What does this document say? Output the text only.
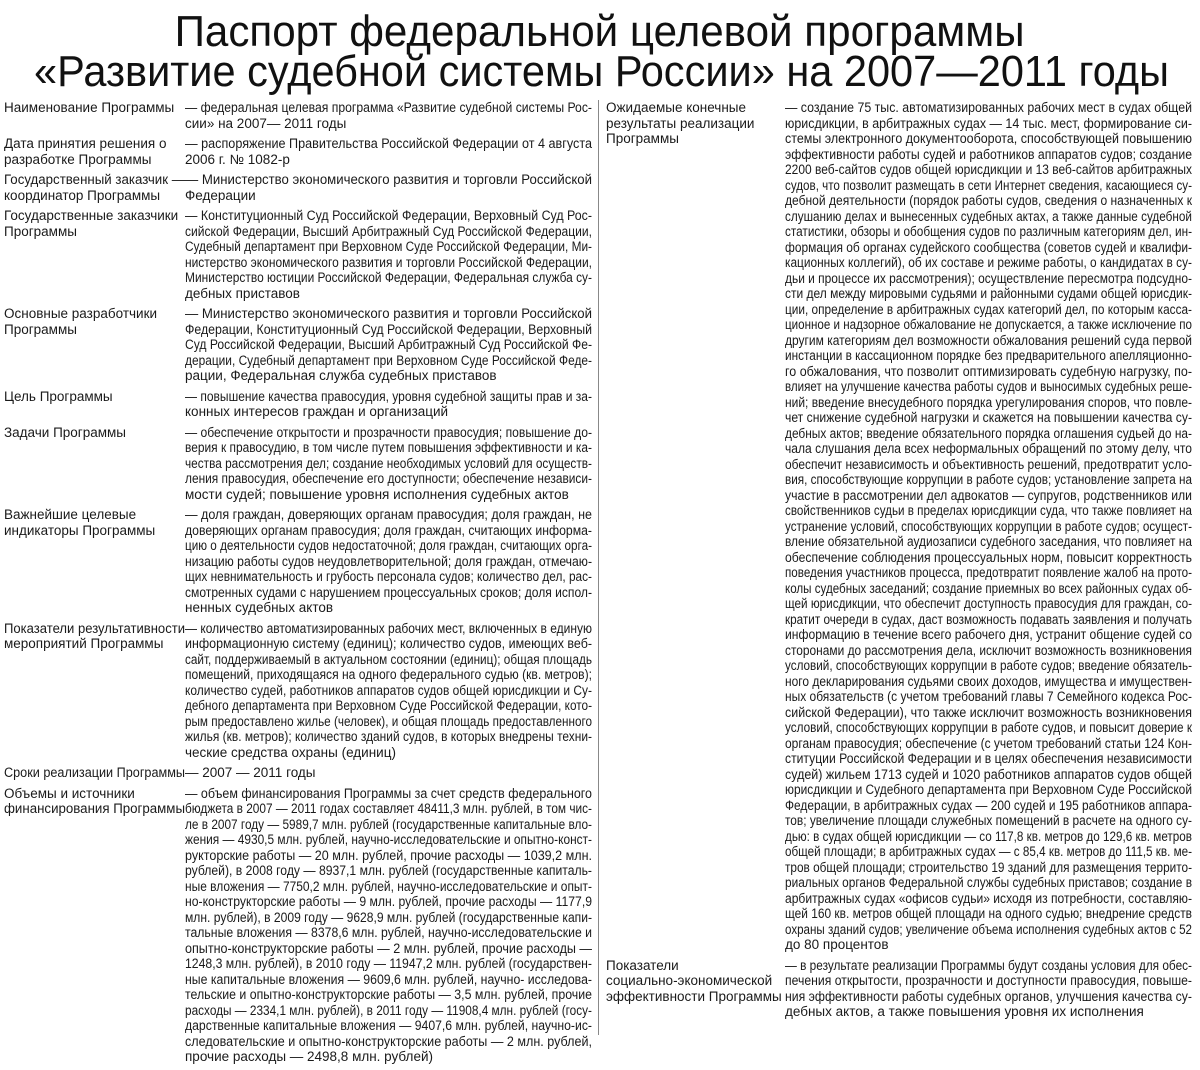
Паспорт федеральной целевой программы
«Развитие судебной системы России» на 2007—2011 годы
Наименование Программы — федеральная целевая программа «Развитие судебной системы Рос-
сии» на 2007— 2011 годы
Дата принятия решения о
разработке Программы
— распоряжение Правительства Российской Федерации от 4 августа
2006 г. № 1082-р
Государственный заказчик —
координатор Программы
— Министерство экономического развития и торговли Российской
Федерации
Государственные заказчики
Программы
— Конституционный Суд Российской Федерации, Верховный Суд Рос-
сийской Федерации, Высший Арбитражный Суд Российской Федерации,
Судебный департамент при Верховном Суде Российской Федерации, Ми-
нистерство экономического развития и торговли Российской Федерации,
Министерство юстиции Российской Федерации, Федеральная служба су-
дебных приставов
Основные разработчики
Программы
— Министерство экономического развития и торговли Российской
Федерации, Конституционный Суд Российской Федерации, Верховный
Суд Российской Федерации, Высший Арбитражный Суд Российской Фе-
дерации, Судебный департамент при Верховном Суде Российской Феде-
рации, Федеральная служба судебных приставов
Цель Программы	— повышение качества правосудия, уровня судебной защиты прав и за-
конных интересов граждан и организаций
Задачи Программы	— обеспечение открытости и прозрачности правосудия; повышение до-
верия к правосудию, в том числе путем повышения эффективности и ка-
чества рассмотрения дел; создание необходимых условий для осуществ-
ления правосудия, обеспечение его доступности; обеспечение независи-
мости судей; повышение уровня исполнения судебных актов
Важнейшие целевые
индикаторы Программы
— доля граждан, доверяющих органам правосудия; доля граждан, не
доверяющих органам правосудия; доля граждан, считающих информа-
цию о деятельности судов недостаточной; доля граждан, считающих орга-
низацию работы судов неудовлетворительной; доля граждан, отмечаю-
щих невнимательность и грубость персонала судов; количество дел, рас-
смотренных судами с нарушением процессуальных сроков; доля испол-
ненных судебных актов
Показатели результативности
мероприятий Программы
— количество автоматизированных рабочих мест, включенных в единую
информационную систему (единиц); количество судов, имеющих веб-
сайт, поддерживаемый в актуальном состоянии (единиц); общая площадь
помещений, приходящаяся на одного федерального судью (кв. метров);
количество судей, работников аппаратов судов общей юрисдикции и Су-
дебного департамента при Верховном Суде Российской Федерации, кото-
рым предоставлено жилье (человек), и общая площадь предоставленного
жилья (кв. метров); количество зданий судов, в которых внедрены техни-
ческие средства охраны (единиц)
Сроки реализации Программы — 2007 — 2011 годы
Объемы и источники
финансирования Программы
— объем финансирования Программы за счет средств федерального
бюджета в 2007 — 2011 годах составляет 48411,3 млн. рублей, в том чис-
ле в 2007 году — 5989,7 млн. рублей (государственные капитальные вло-
жения — 4930,5 млн. рублей, научно-исследовательские и опытно-конст-
рукторские работы — 20 млн. рублей, прочие расходы — 1039,2 млн.
рублей), в 2008 году — 8937,1 млн. рублей (государственные капиталь-
ные вложения — 7750,2 млн. рублей, научно-исследовательские и опыт-
но-конструкторские работы — 9 млн. рублей, прочие расходы — 1177,9
млн. рублей), в 2009 году — 9628,9 млн. рублей (государственные капи-
тальные вложения — 8378,6 млн. рублей, научно-исследовательские и
опытно-конструкторские работы — 2 млн. рублей, прочие расходы —
1248,3 млн. рублей), в 2010 году — 11947,2 млн. рублей (государствен-
ные капитальные вложения — 9609,6 млн. рублей, научно- исследова-
тельские и опытно-конструкторские работы — 3,5 млн. рублей, прочие
расходы — 2334,1 млн. рублей), в 2011 году — 11908,4 млн. рублей (госу-
дарственные капитальные вложения — 9407,6 млн. рублей, научно-ис-
следовательские и опытно-конструкторские работы — 2 млн. рублей,
прочие расходы — 2498,8 млн. рублей)
Ожидаемые конечные
результаты реализации
Программы
— создание 75 тыс. автоматизированных рабочих мест в судах общей
юрисдикции, в арбитражных судах — 14 тыс. мест, формирование си-
стемы электронного документооборота, способствующей повышению
эффективности работы судей и работников аппаратов судов; создание
2200 веб-сайтов судов общей юрисдикции и 13 веб-сайтов арбитражных
судов, что позволит размещать в сети Интернет сведения, касающиеся су-
дебной деятельности (порядок работы судов, сведения о назначенных к
слушанию делах и вынесенных судебных актах, а также данные судебной
статистики, обзоры и обобщения судов по различным категориям дел, ин-
формация об органах судейского сообщества (советов судей и квалифи-
кационных коллегий), об их составе и режиме работы, о кандидатах в су-
дьи и процессе их рассмотрения); осуществление пересмотра подсудно-
сти дел между мировыми судьями и районными судами общей юрисдик-
ции, определение в арбитражных судах категорий дел, по которым касса-
ционное и надзорное обжалование не допускается, а также исключение по
другим категориям дел возможности обжалования решений суда первой
инстанции в кассационном порядке без предварительного апелляционно-
го обжалования, что позволит оптимизировать судебную нагрузку, по-
влияет на улучшение качества работы судов и выносимых судебных реше-
ний; введение внесудебного порядка урегулирования споров, что повле-
чет снижение судебной нагрузки и скажется на повышении качества су-
дебных актов; введение обязательного порядка оглашения судьей до на-
чала слушания дела всех неформальных обращений по этому делу, что
обеспечит независимость и объективность решений, предотвратит усло-
вия, способствующие коррупции в работе судов; установление запрета на
участие в рассмотрении дел адвокатов — супругов, родственников или
свойственников судьи в пределах юрисдикции суда, что также повлияет на
устранение условий, способствующих коррупции в работе судов; осущест-
вление обязательной аудиозаписи судебного заседания, что повлияет на
обеспечение соблюдения процессуальных норм, повысит корректность
поведения участников процесса, предотвратит появление жалоб на прото-
колы судебных заседаний; создание приемных во всех районных судах об-
щей юрисдикции, что обеспечит доступность правосудия для граждан, со-
кратит очереди в судах, даст возможность подавать заявления и получать
информацию в течение всего рабочего дня, устранит общение судей со
сторонами до рассмотрения дела, исключит возможность возникновения
условий, способствующих коррупции в работе судов; введение обязатель-
ного декларирования судьями своих доходов, имущества и имуществен-
ных обязательств (с учетом требований главы 7 Семейного кодекса Рос-
сийской Федерации), что также исключит возможность возникновения
условий, способствующих коррупции в работе судов, и повысит доверие к
органам правосудия; обеспечение (с учетом требований статьи 124 Кон-
ституции Российской Федерации и в целях обеспечения независимости
судей) жильем 1713 судей и 1020 работников аппаратов судов общей
юрисдикции и Судебного департамента при Верховном Суде Российской
Федерации, в арбитражных судах — 200 судей и 195 работников аппара-
тов; увеличение площади служебных помещений в расчете на одного су-
дью: в судах общей юрисдикции — со 117,8 кв. метров до 129,6 кв. метров
общей площади; в арбитражных судах — с 85,4 кв. метров до 111,5 кв. ме-
тров общей площади; строительство 19 зданий для размещения террито-
риальных органов Федеральной службы судебных приставов; создание в
арбитражных судах «офисов судьи» исходя из потребности, составляю-
щей 160 кв. метров общей площади на одного судью; внедрение средств
охраны зданий судов; увеличение объема исполнения судебных актов с 52
до 80 процентов
Показатели
социально-экономической
эффективности Программы
— в результате реализации Программы будут созданы условия для обес-
печения открытости, прозрачности и доступности правосудия, повыше-
ния эффективности работы судебных органов, улучшения качества су-
дебных актов, а также повышения уровня их исполнения
